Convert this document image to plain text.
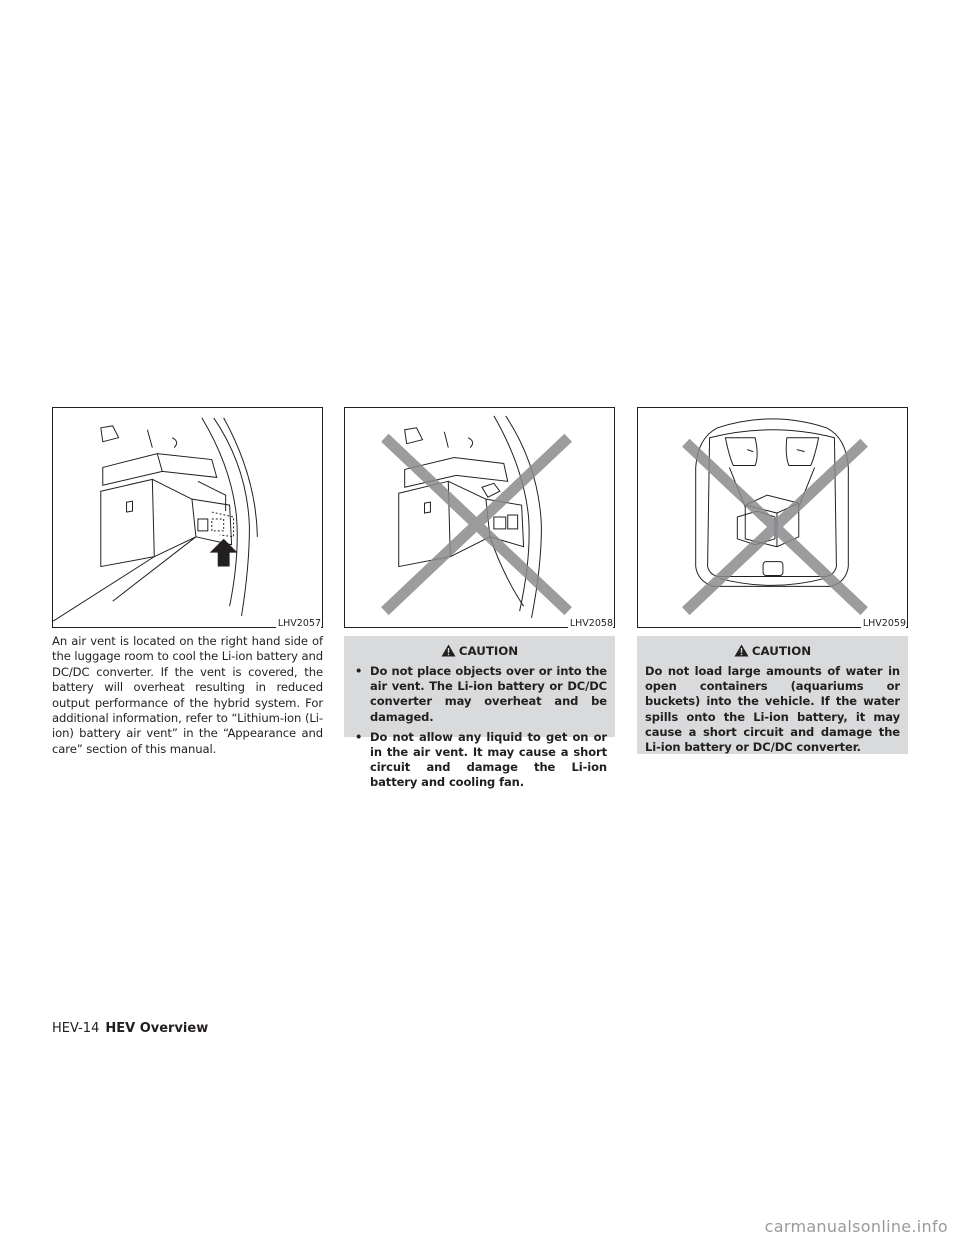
LHV2057	LHV2058	LHV2059

An air vent is located on the right hand side of the luggage room to cool the Li-ion battery and DC/DC converter. If the vent is covered, the battery will overheat resulting in reduced output performance of the hybrid system. For additional information, refer to “Lithium-ion (Li-ion) battery air vent” in the “Appearance and care” section of this manual.

CAUTION
• Do not place objects over or into the air vent. The Li-ion battery or DC/DC converter may overheat and be damaged.
• Do not allow any liquid to get on or in the air vent. It may cause a short circuit and damage the Li-ion battery and cooling fan.
CAUTION

Do not load large amounts of water in open containers (aquariums or buckets) into the vehicle. If the water spills onto the Li-ion battery, it may cause a short circuit and damage the Li-ion battery or DC/DC converter.

HEV-14 HEV Overview
carmanualsonline.info
